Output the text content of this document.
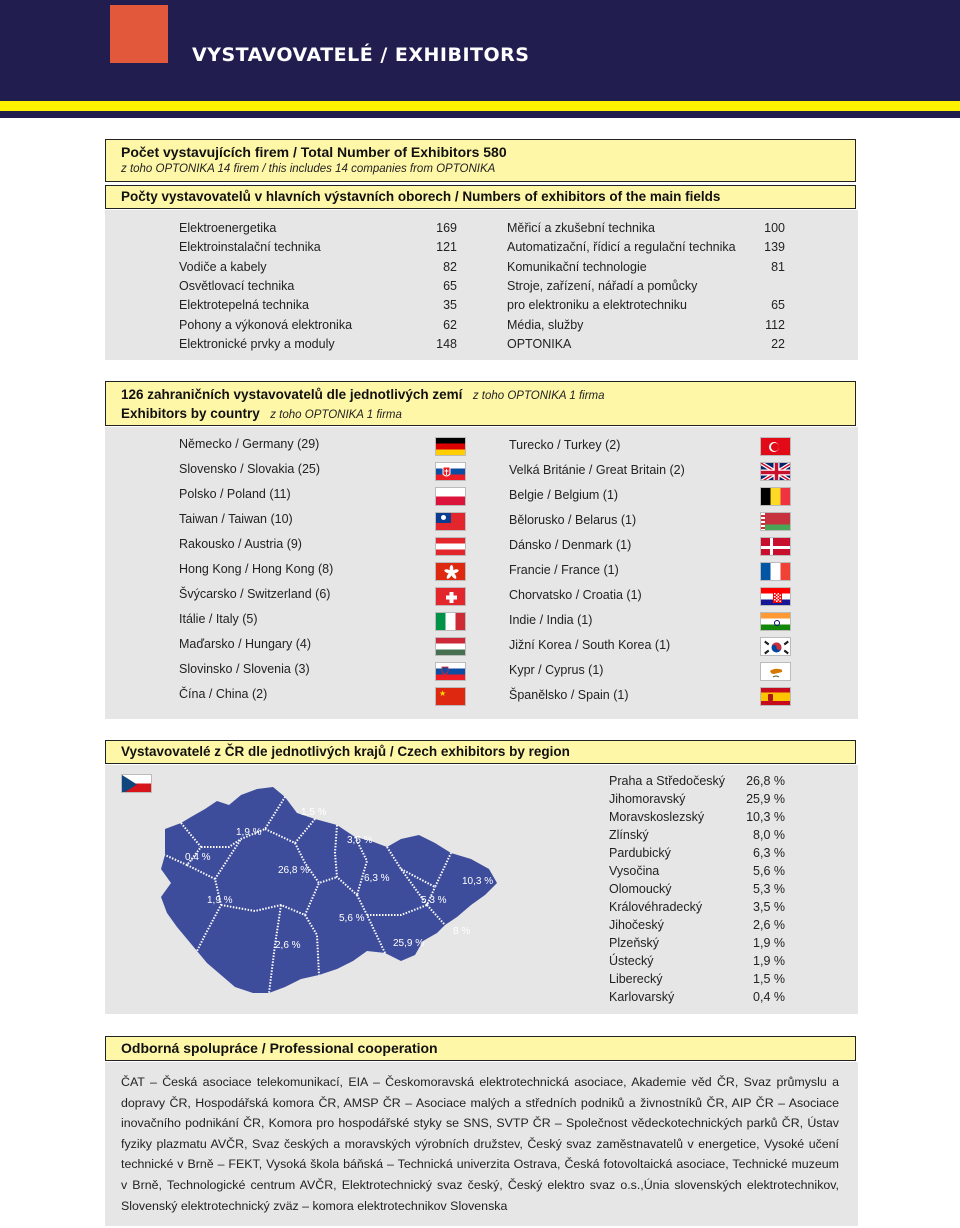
VYSTAVOVATELÉ / EXHIBITORS
Počet vystavujících firem / Total Number of Exhibitors 580
z toho OPTONIKA 14 firem / this includes 14 companies from OPTONIKA
Počty vystavovatelů v hlavních výstavních oborech / Numbers of exhibitors of the main fields
Elektroenergetika	169
Elektroinstalační technika	121
Vodiče a kabely	82
Osvětlovací technika	65
Elektrotepelná technika	35
Pohony a výkonová elektronika	62
Elektronické prvky a moduly	148
Měřicí a zkušební technika	100
Automatizační, řídicí a regulační technika	139
Komunikační technologie	81
Stroje, zařízení, nářadí a pomůcky
pro elektroniku a elektrotechniku	65
Média, služby	112
OPTONIKA	22
126 zahraničních vystavovatelů dle jednotlivých zemí z toho OPTONIKA 1 firma
Exhibitors by country z toho OPTONIKA 1 firma
Německo / Germany (29)
Slovensko / Slovakia (25)
Polsko / Poland (11)
Taiwan / Taiwan (10)
Rakousko / Austria (9)
Hong Kong / Hong Kong (8)
Švýcarsko / Switzerland (6)
Itálie / Italy (5)
Maďarsko / Hungary (4)
Slovinsko / Slovenia (3)
Čína / China (2)
Turecko / Turkey (2)
Velká Británie / Great Britain (2)
Belgie / Belgium (1)
Bělorusko / Belarus (1)
Dánsko / Denmark (1)
Francie / France (1)
Chorvatsko / Croatia (1)
Indie / India (1)
Jižní Korea / South Korea (1)
Kypr / Cyprus (1)
Španělsko / Spain (1)
★
Vystavovatelé z ČR dle jednotlivých krajů / Czech exhibitors by region
1,5 %
1,9 %
3,5 %
0,4 %
26,8 %
6,3 %	10,3 %
1,9 %	5,3 %
5,6 %
8 %
2,6 %	25,9 %
Praha a Středočeský	26,8 %
Jihomoravský	25,9 %
Moravskoslezský	10,3 %
Zlínský	8,0 %
Pardubický	6,3 %
Vysočina	5,6 %
Olomoucký	5,3 %
Královéhradecký	3,5 %
Jihočeský	2,6 %
Plzeňský	1,9 %
Ústecký	1,9 %
Liberecký	1,5 %
Karlovarský	0,4 %
Odborná spolupráce / Professional cooperation
ČAT – Česká asociace telekomunikací, EIA – Českomoravská elektrotechnická asociace, Akademie věd ČR, Svaz průmyslu a dopravy ČR, Hospodářská komora ČR, AMSP ČR – Asociace malých a středních podniků a živnostníků ČR, AIP ČR – Asociace inovačního podnikání ČR, Komora pro hospodářské styky se SNS, SVTP ČR – Společnost vědeckotechnických parků ČR, Ústav fyziky plazmatu AVČR, Svaz českých a moravských výrobních družstev, Český svaz zaměstnavatelů v energetice, Vysoké učení technické v Brně – FEKT, Vysoká škola báňská – Technická univerzita Ostrava, Česká fotovoltaická asociace, Technické muzeum v Brně, Technologické centrum AVČR, Elektrotechnický svaz český, Český elektro svaz o.s.,Únia slovenských elektrotechnikov, Slovenský elektrotechnický zväz – komora elektrotechnikov Slovenska
